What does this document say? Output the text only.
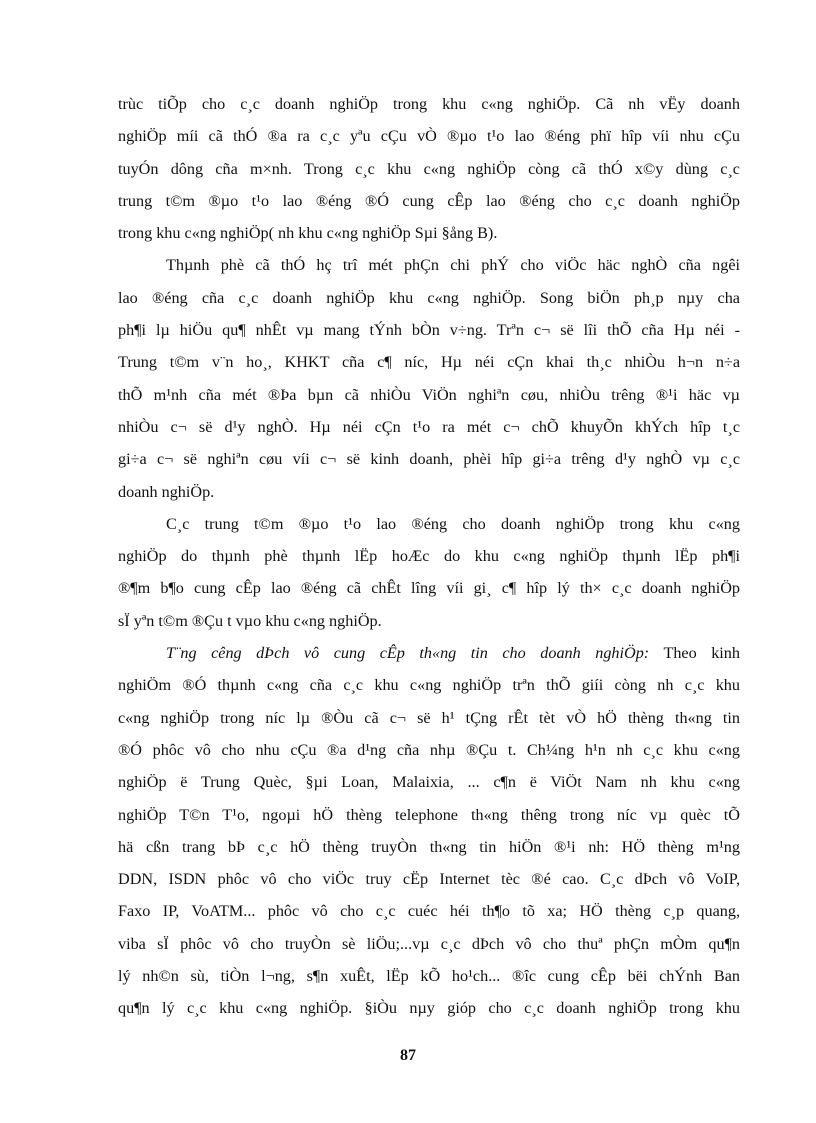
trùc tiÕp cho c¸c doanh nghiÖp trong khu c«ng nghiÖp. Cã nh vËy doanh
nghiÖp míi cã thÓ ®a ra c¸c yªu cÇu vÒ ®µo t¹o lao ®éng phï hîp víi nhu cÇu
tuyÓn dông cña m×nh. Trong c¸c khu c«ng nghiÖp còng cã thÓ x©y dùng c¸c
trung t©m ®µo t¹o lao ®éng ®Ó cung cÊp lao ®éng cho c¸c doanh nghiÖp
trong khu c«ng nghiÖp( nh khu c«ng nghiÖp Sµi §ång B).
Thµnh phè cã thÓ hç trî mét phÇn chi phÝ cho viÖc häc nghÒ cña ngêi
lao ®éng cña c¸c doanh nghiÖp khu c«ng nghiÖp. Song biÖn ph¸p nµy cha
ph¶i lµ hiÖu qu¶ nhÊt vµ mang tÝnh bÒn v÷ng. Trªn c¬ së lîi thÕ cña Hµ néi -
Trung t©m v¨n ho¸, KHKT cña c¶ níc, Hµ néi cÇn khai th¸c nhiÒu h¬n n÷a
thÕ m¹nh cña mét ®Þa bµn cã nhiÒu ViÖn nghiªn cøu, nhiÒu trêng ®¹i häc vµ
nhiÒu c¬ së d¹y nghÒ. Hµ néi cÇn t¹o ra mét c¬ chÕ khuyÕn khÝch hîp t¸c
gi÷a c¬ së nghiªn cøu víi c¬ së kinh doanh, phèi hîp gi÷a trêng d¹y nghÒ vµ c¸c
doanh nghiÖp.
C¸c trung t©m ®µo t¹o lao ®éng cho doanh nghiÖp trong khu c«ng
nghiÖp do thµnh phè thµnh lËp hoÆc do khu c«ng nghiÖp thµnh lËp ph¶i
®¶m b¶o cung cÊp lao ®éng cã chÊt lîng víi gi¸ c¶ hîp lý th× c¸c doanh nghiÖp
sÏ yªn t©m ®Çu t vµo khu c«ng nghiÖp.
T¨ng cêng dÞch vô cung cÊp th«ng tin cho doanh nghiÖp: Theo kinh
nghiÖm ®Ó thµnh c«ng cña c¸c khu c«ng nghiÖp trªn thÕ giíi còng nh c¸c khu
c«ng nghiÖp trong níc lµ ®Òu cã c¬ së h¹ tÇng rÊt tèt vÒ hÖ thèng th«ng tin
®Ó phôc vô cho nhu cÇu ®a d¹ng cña nhµ ®Çu t. Ch¼ng h¹n nh c¸c khu c«ng
nghiÖp ë Trung Quèc, §µi Loan, Malaixia, ... c¶n ë ViÖt Nam nh khu c«ng
nghiÖp T©n T¹o, ngoµi hÖ thèng telephone th«ng thêng trong níc vµ quèc tÕ
hä cßn trang bÞ c¸c hÖ thèng truyÒn th«ng tin hiÖn ®¹i nh: HÖ thèng m¹ng
DDN, ISDN phôc vô cho viÖc truy cËp Internet tèc ®é cao. C¸c dÞch vô VoIP,
Faxo IP, VoATM... phôc vô cho c¸c cuéc héi th¶o tõ xa; HÖ thèng c¸p quang,
viba sÏ phôc vô cho truyÒn sè liÖu;...vµ c¸c dÞch vô cho thuª phÇn mÒm qu¶n
lý nh©n sù, tiÒn l¬ng, s¶n xuÊt, lËp kÕ ho¹ch... ®îc cung cÊp bëi chÝnh Ban
qu¶n lý c¸c khu c«ng nghiÖp. §iÒu nµy gióp cho c¸c doanh nghiÖp trong khu
87
